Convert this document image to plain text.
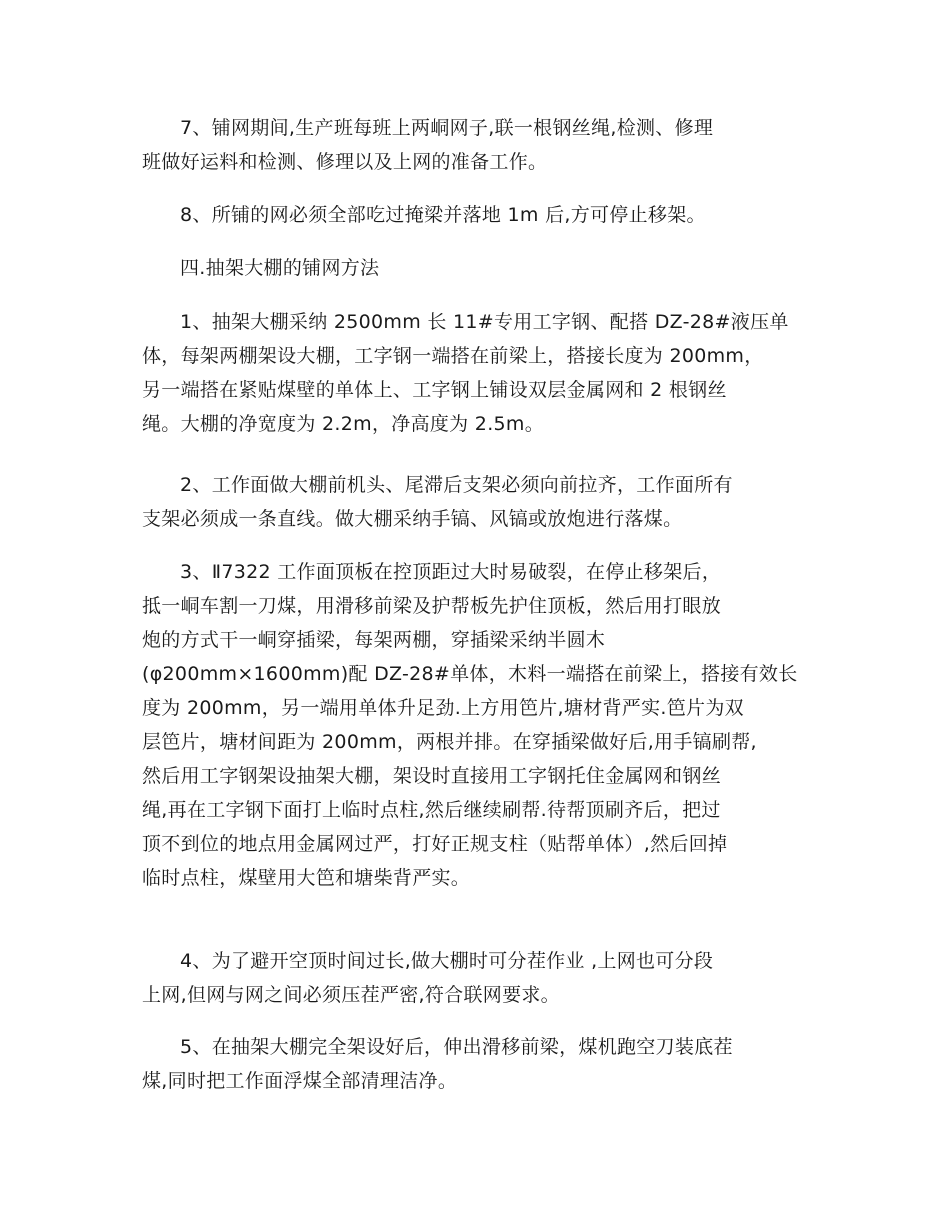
7、铺网期间,生产班每班上两峒网子,联一根钢丝绳,检测、修理
班做好运料和检测、修理以及上网的准备工作。

8、所铺的网必须全部吃过掩梁并落地 1m 后,方可停止移架。

四.抽架大棚的铺网方法

1、抽架大棚采纳 2500mm 长 11#专用工字钢、配搭 DZ-28#液压单
体，每架两棚架设大棚，工字钢一端搭在前梁上，搭接长度为 200mm，
另一端搭在紧贴煤壁的单体上、工字钢上铺设双层金属网和 2 根钢丝
绳。大棚的净宽度为 2.2m，净高度为 2.5m。

2、工作面做大棚前机头、尾滞后支架必须向前拉齐，工作面所有
支架必须成一条直线。做大棚采纳手镐、风镐或放炮进行落煤。

3、Ⅱ7322 工作面顶板在控顶距过大时易破裂，在停止移架后，
抵一峒车割一刀煤，用滑移前梁及护帮板先护住顶板，然后用打眼放
炮的方式干一峒穿插梁，每架两棚，穿插梁采纳半圆木
(φ200mm×1600mm)配 DZ-28#单体，木料一端搭在前梁上，搭接有效长
度为 200mm，另一端用单体升足劲.上方用笆片,塘材背严实.笆片为双
层笆片，塘材间距为 200mm，两根并排。在穿插梁做好后,用手镐刷帮,
然后用工字钢架设抽架大棚，架设时直接用工字钢托住金属网和钢丝
绳,再在工字钢下面打上临时点柱,然后继续刷帮.待帮顶刷齐后，把过
顶不到位的地点用金属网过严，打好正规支柱（贴帮单体）,然后回掉
临时点柱，煤壁用大笆和塘柴背严实。

4、为了避开空顶时间过长,做大棚时可分茬作业 ,上网也可分段
上网,但网与网之间必须压茬严密,符合联网要求。

5、在抽架大棚完全架设好后，伸出滑移前梁，煤机跑空刀装底茬
煤,同时把工作面浮煤全部清理洁净。
